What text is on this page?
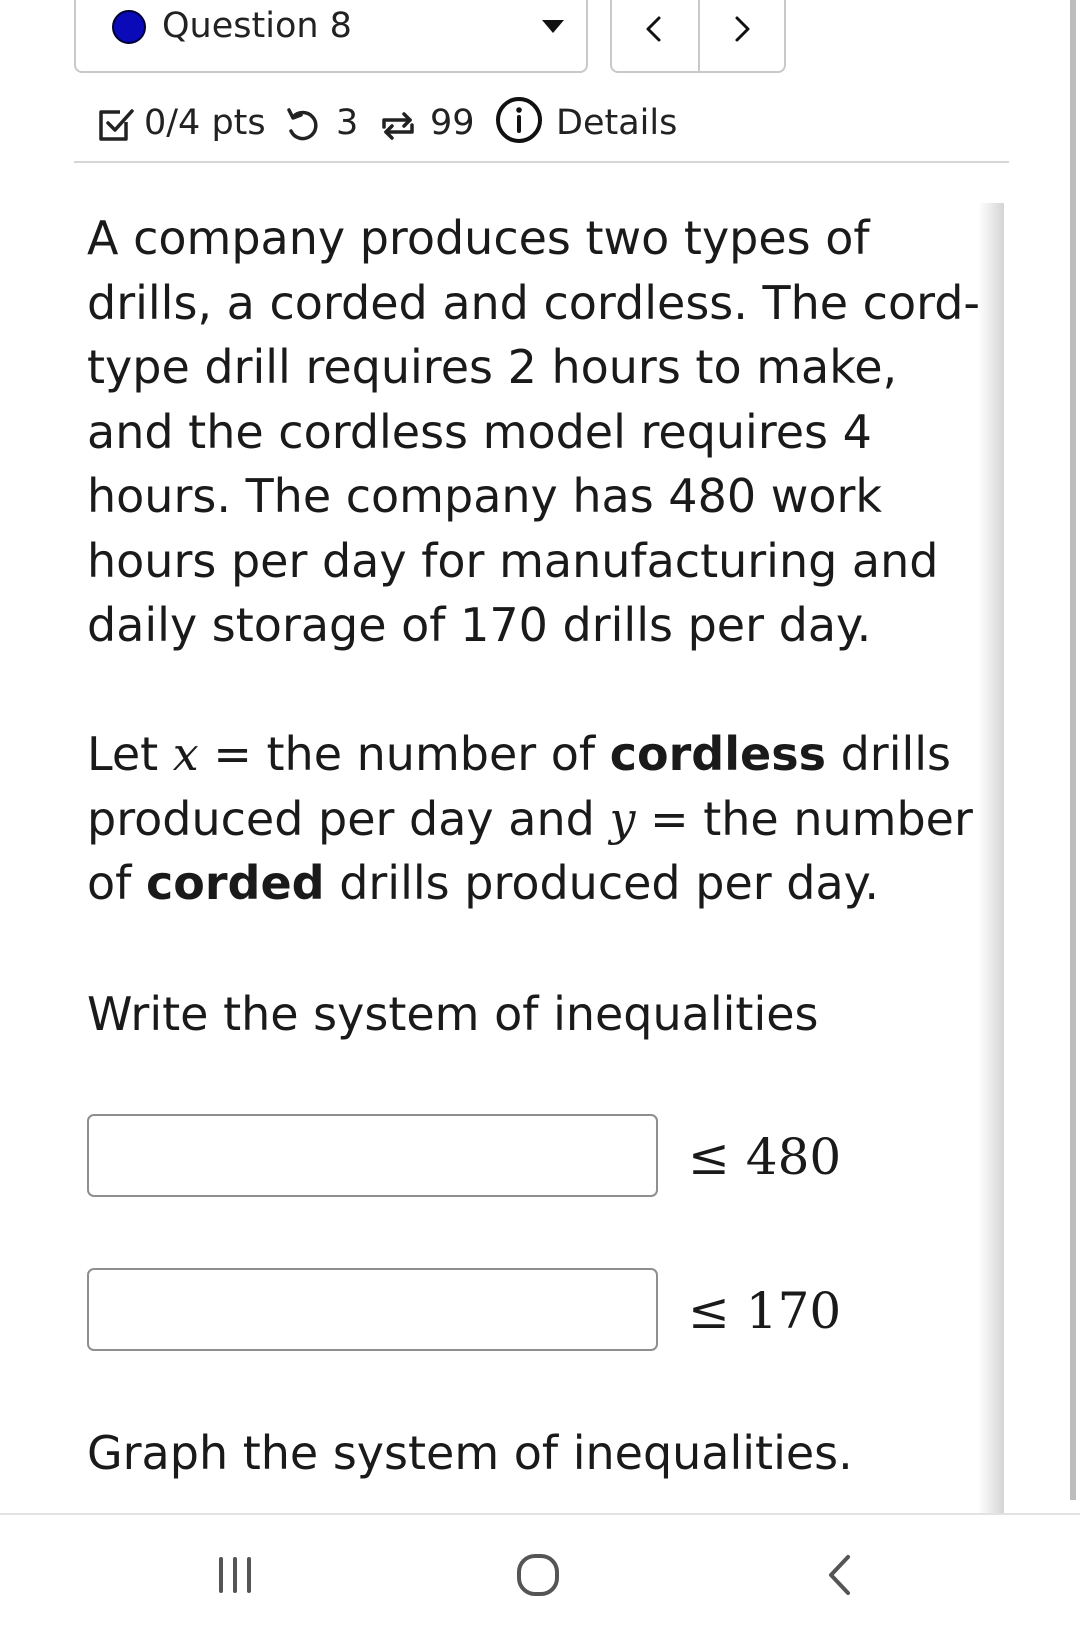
Question 8
0/4 pts 3 99 Details

A company produces two types of drills, a corded and cordless. The cord-type drill requires 2 hours to make, and the cordless model requires 4 hours. The company has 480 work hours per day for manufacturing and daily storage of 170 drills per day.

Let x = the number of cordless drills produced per day and y = the number of corded drills produced per day.

Write the system of inequalities

≤ 480
≤ 170

Graph the system of inequalities.
